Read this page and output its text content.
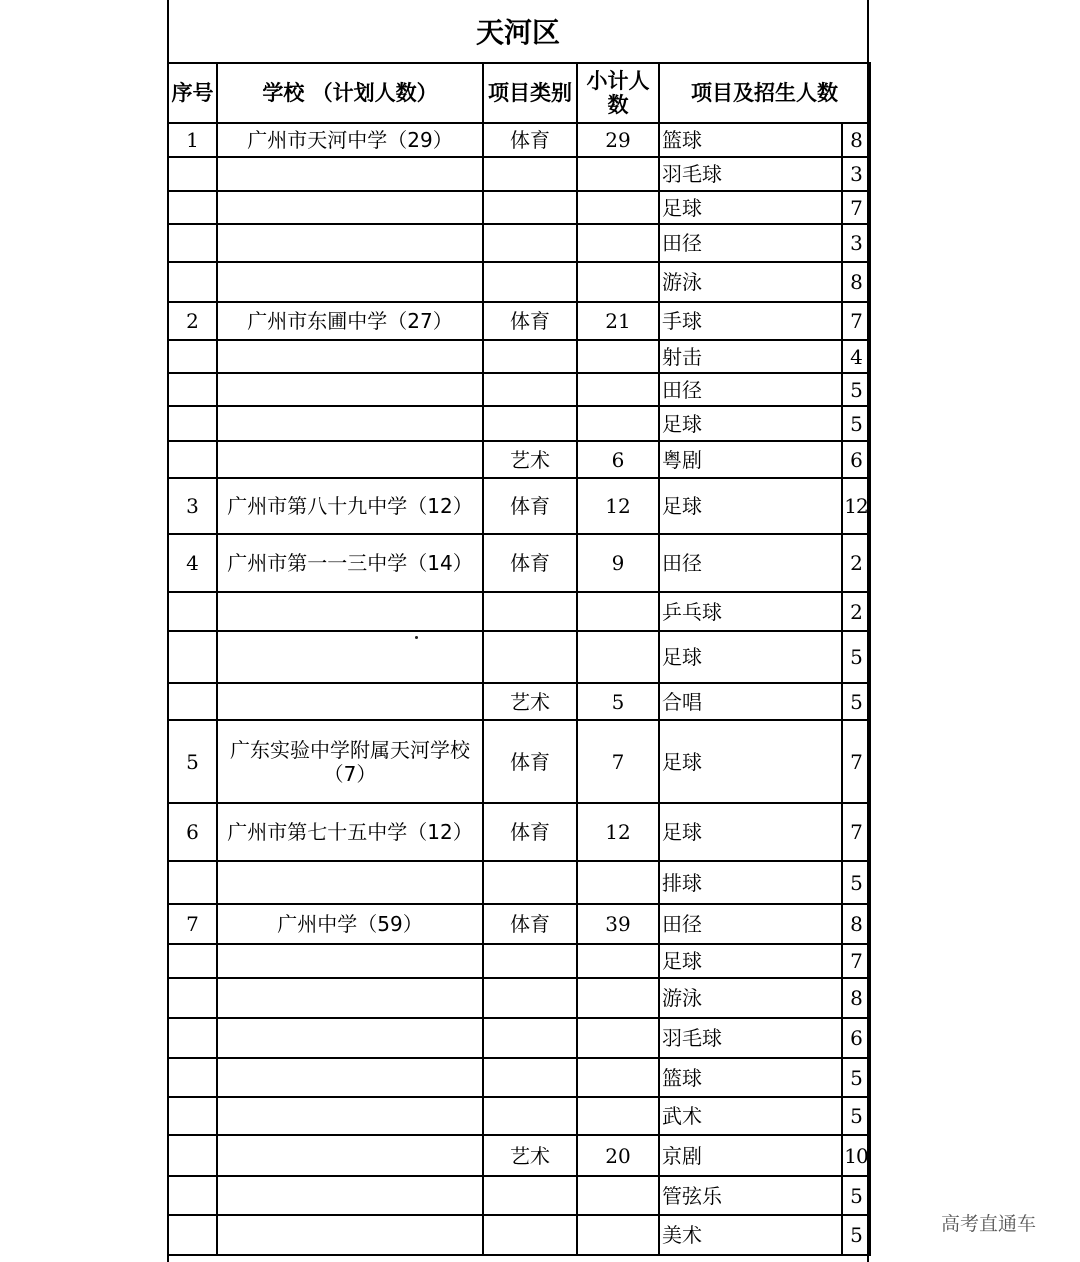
天河区
序号	学校 （计划人数）	项目类别	小计人数	项目及招生人数	
1	广州市天河中学（29）	体育	29	篮球	8
				羽毛球	3
				足球	7
				田径	3
				游泳	8
2	广州市东圃中学（27）	体育	21	手球	7
				射击	4
				田径	5
				足球	5
		艺术	6	粤剧	6
3	广州市第八十九中学（12）	体育	12	足球	12
4	广州市第一一三中学（14）	体育	9	田径	2
				乒乓球	2
				足球	5
		艺术	5	合唱	5
5	广东实验中学附属天河学校（7）	体育	7	足球	7
6	广州市第七十五中学（12）	体育	12	足球	7
				排球	5
7	广州中学（59）	体育	39	田径	8
				足球	7
				游泳	8
				羽毛球	6
				篮球	5
				武术	5
		艺术	20	京剧	10
				管弦乐	5
				美术	5	高考直通车
